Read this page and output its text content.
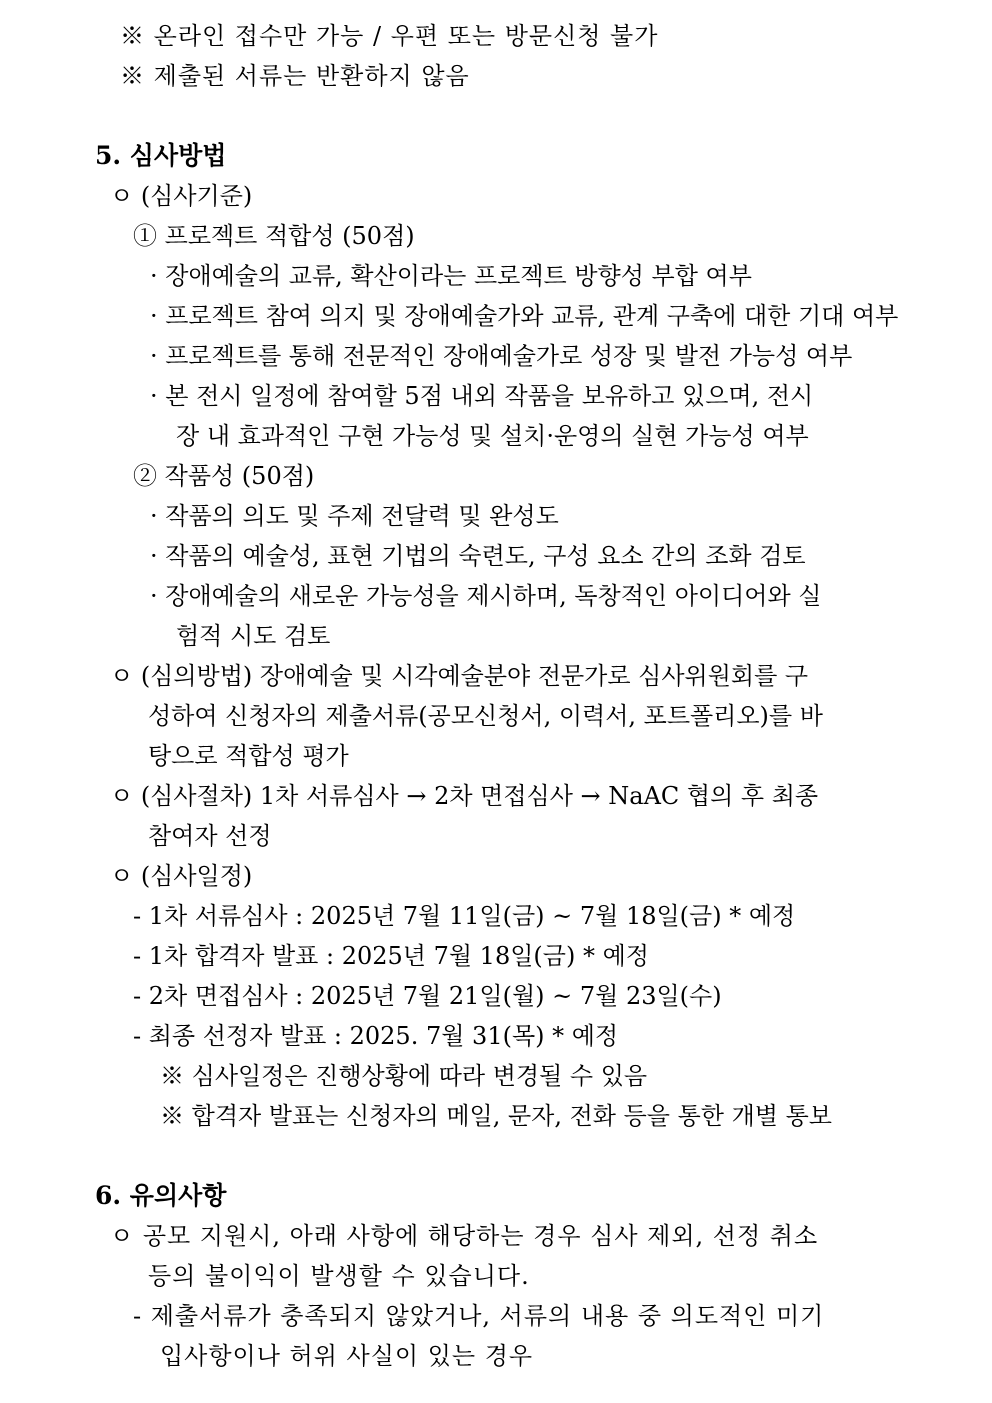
※ 온라인 접수만 가능 / 우편 또는 방문신청 불가
※ 제출된 서류는 반환하지 않음
5. 심사방법
ㅇ (심사기준)
① 프로젝트 적합성 (50점)
· 장애예술의 교류, 확산이라는 프로젝트 방향성 부합 여부
· 프로젝트 참여 의지 및 장애예술가와 교류, 관계 구축에 대한 기대 여부
· 프로젝트를 통해 전문적인 장애예술가로 성장 및 발전 가능성 여부
· 본 전시 일정에 참여할 5점 내외 작품을 보유하고 있으며, 전시
장 내 효과적인 구현 가능성 및 설치·운영의 실현 가능성 여부
② 작품성 (50점)
· 작품의 의도 및 주제 전달력 및 완성도
· 작품의 예술성, 표현 기법의 숙련도, 구성 요소 간의 조화 검토
· 장애예술의 새로운 가능성을 제시하며, 독창적인 아이디어와 실
험적 시도 검토
ㅇ (심의방법) 장애예술 및 시각예술분야 전문가로 심사위원회를 구
성하여 신청자의 제출서류(공모신청서, 이력서, 포트폴리오)를 바
탕으로 적합성 평가
ㅇ (심사절차) 1차 서류심사 → 2차 면접심사 → NaAC 협의 후 최종
참여자 선정
ㅇ (심사일정)
- 1차 서류심사 : 2025년 7월 11일(금) ~ 7월 18일(금) * 예정
- 1차 합격자 발표 : 2025년 7월 18일(금) * 예정
- 2차 면접심사 : 2025년 7월 21일(월) ~ 7월 23일(수)
- 최종 선정자 발표 : 2025. 7월 31(목) * 예정
※ 심사일정은 진행상황에 따라 변경될 수 있음
※ 합격자 발표는 신청자의 메일, 문자, 전화 등을 통한 개별 통보
6. 유의사항
ㅇ 공모 지원시, 아래 사항에 해당하는 경우 심사 제외, 선정 취소
등의 불이익이 발생할 수 있습니다.
- 제출서류가 충족되지 않았거나, 서류의 내용 중 의도적인 미기
입사항이나 허위 사실이 있는 경우
